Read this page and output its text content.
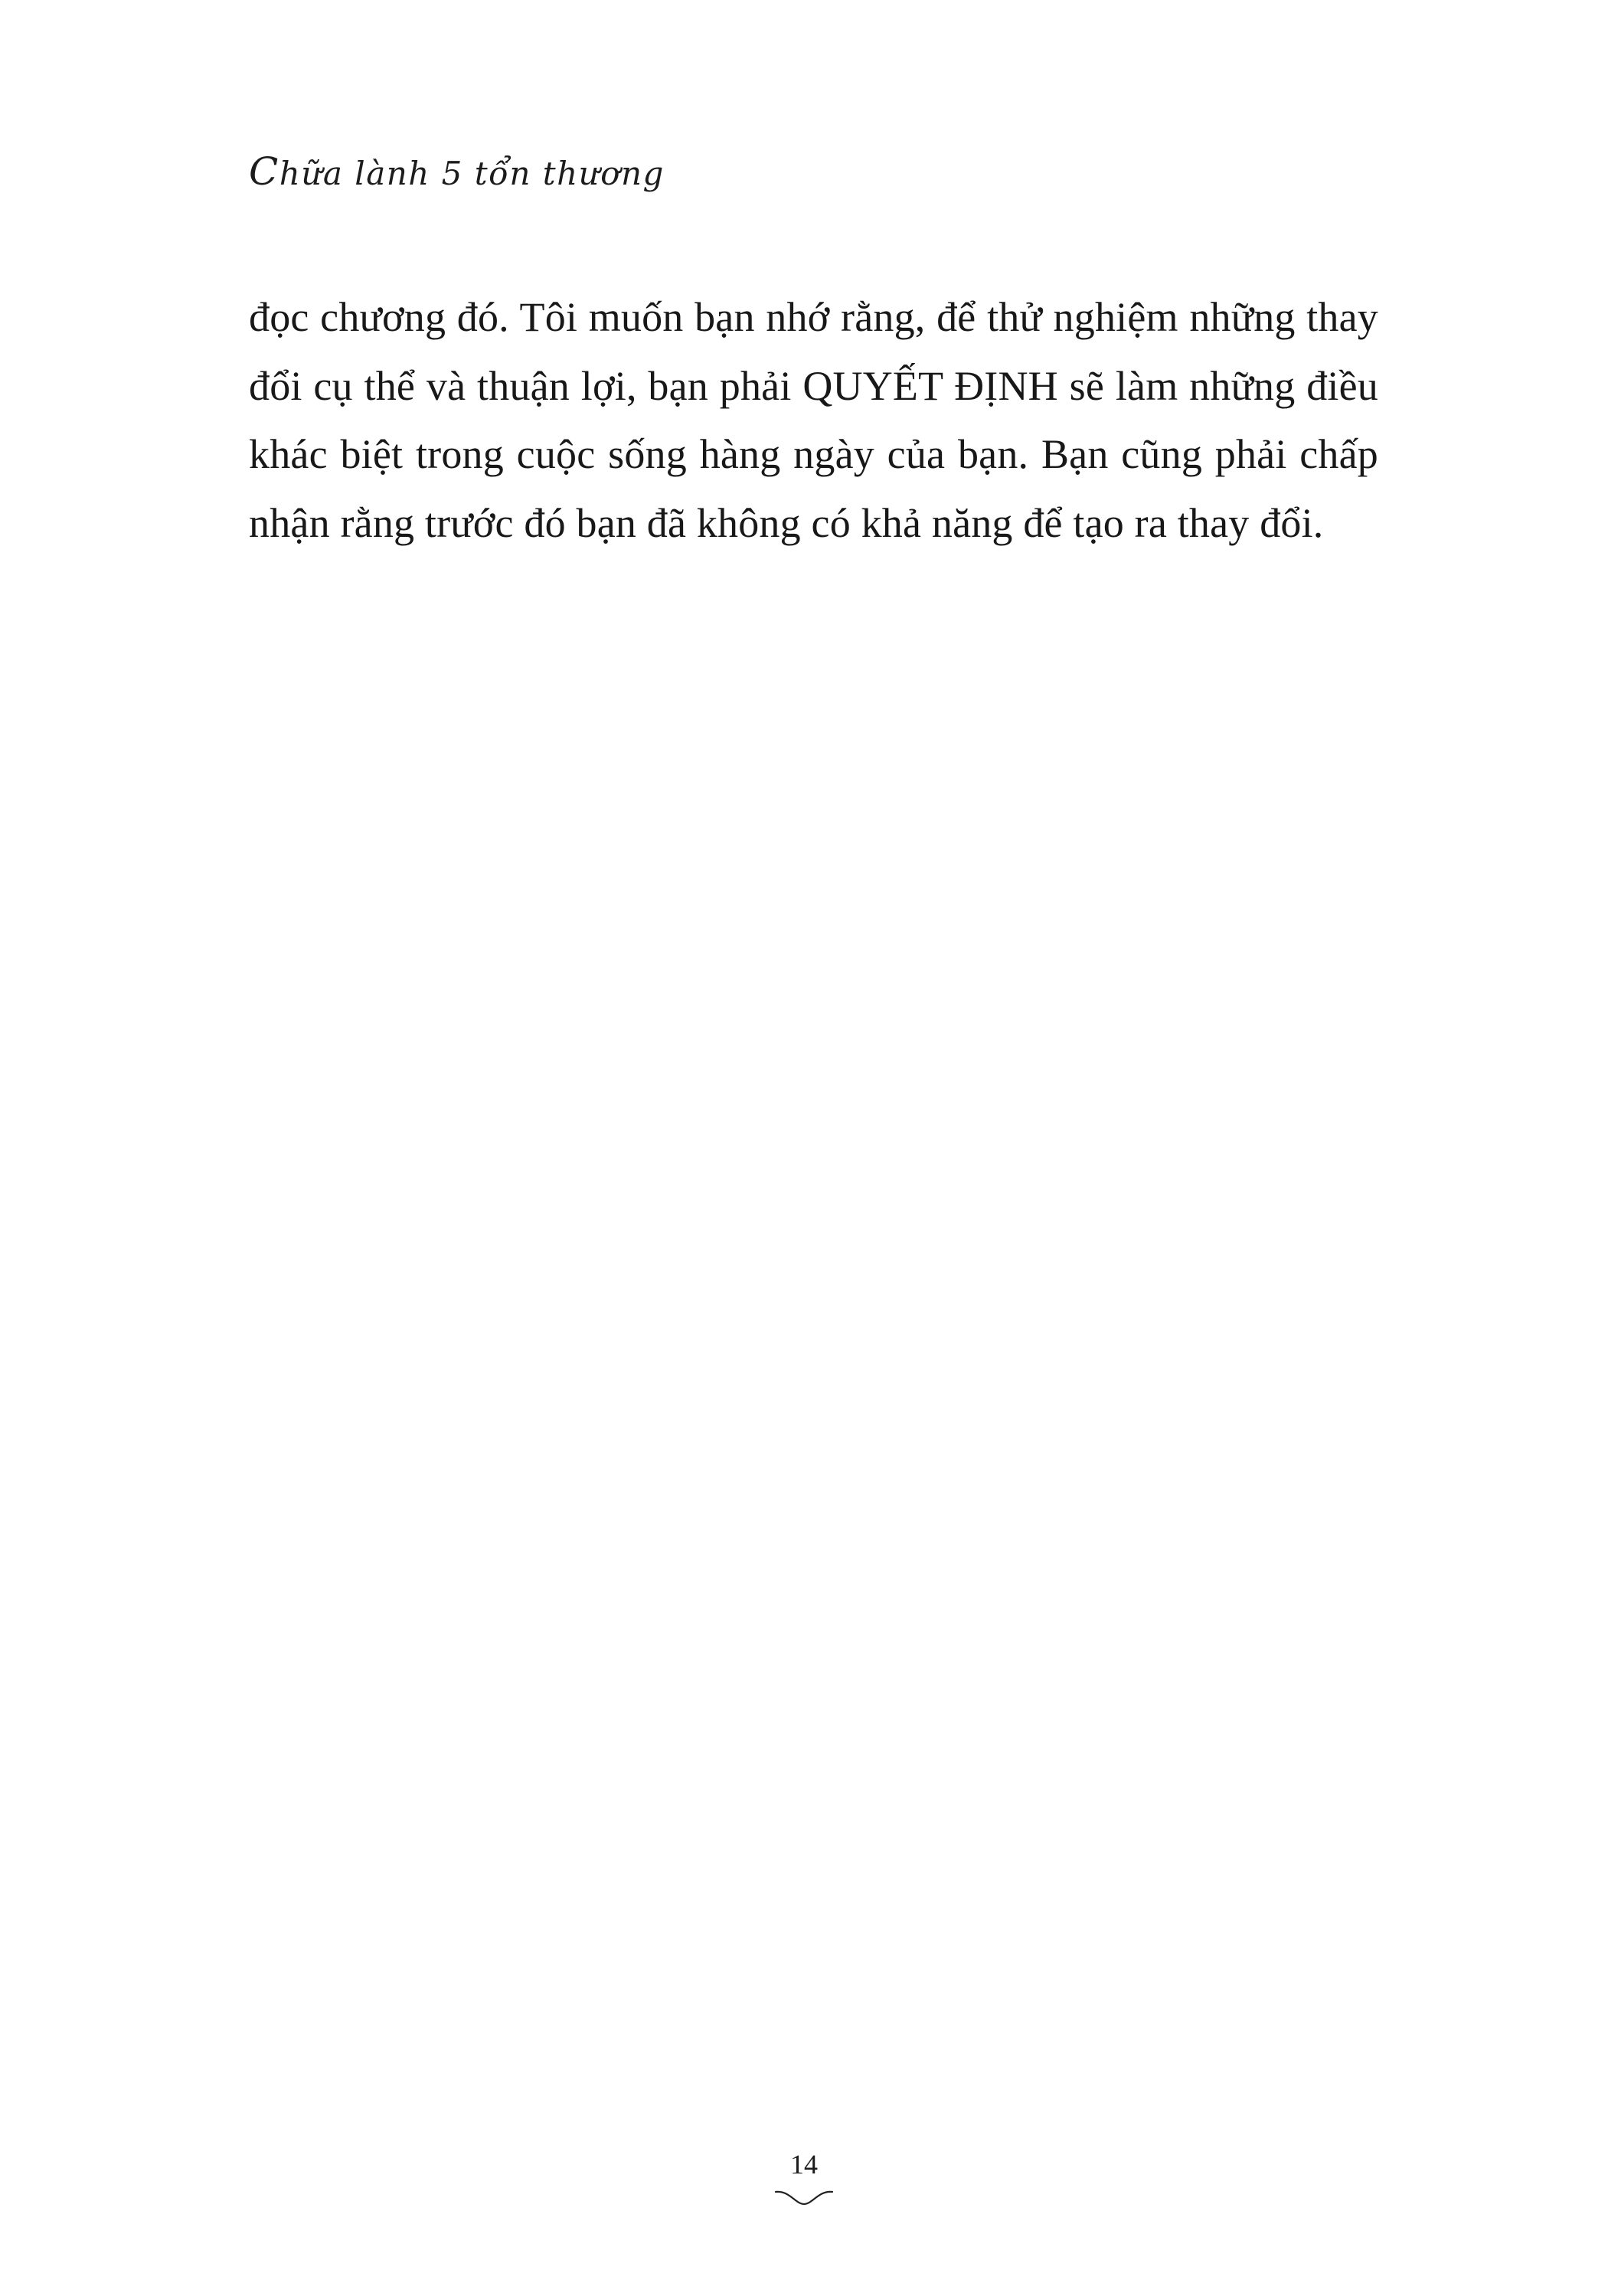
Chữa lành 5 tổn thương

đọc chương đó. Tôi muốn bạn nhớ rằng, để thử nghiệm những thay đổi cụ thể và thuận lợi, bạn phải QUYẾT ĐỊNH sẽ làm những điều khác biệt trong cuộc sống hàng ngày của bạn. Bạn cũng phải chấp nhận rằng trước đó bạn đã không có khả năng để tạo ra thay đổi.

14
